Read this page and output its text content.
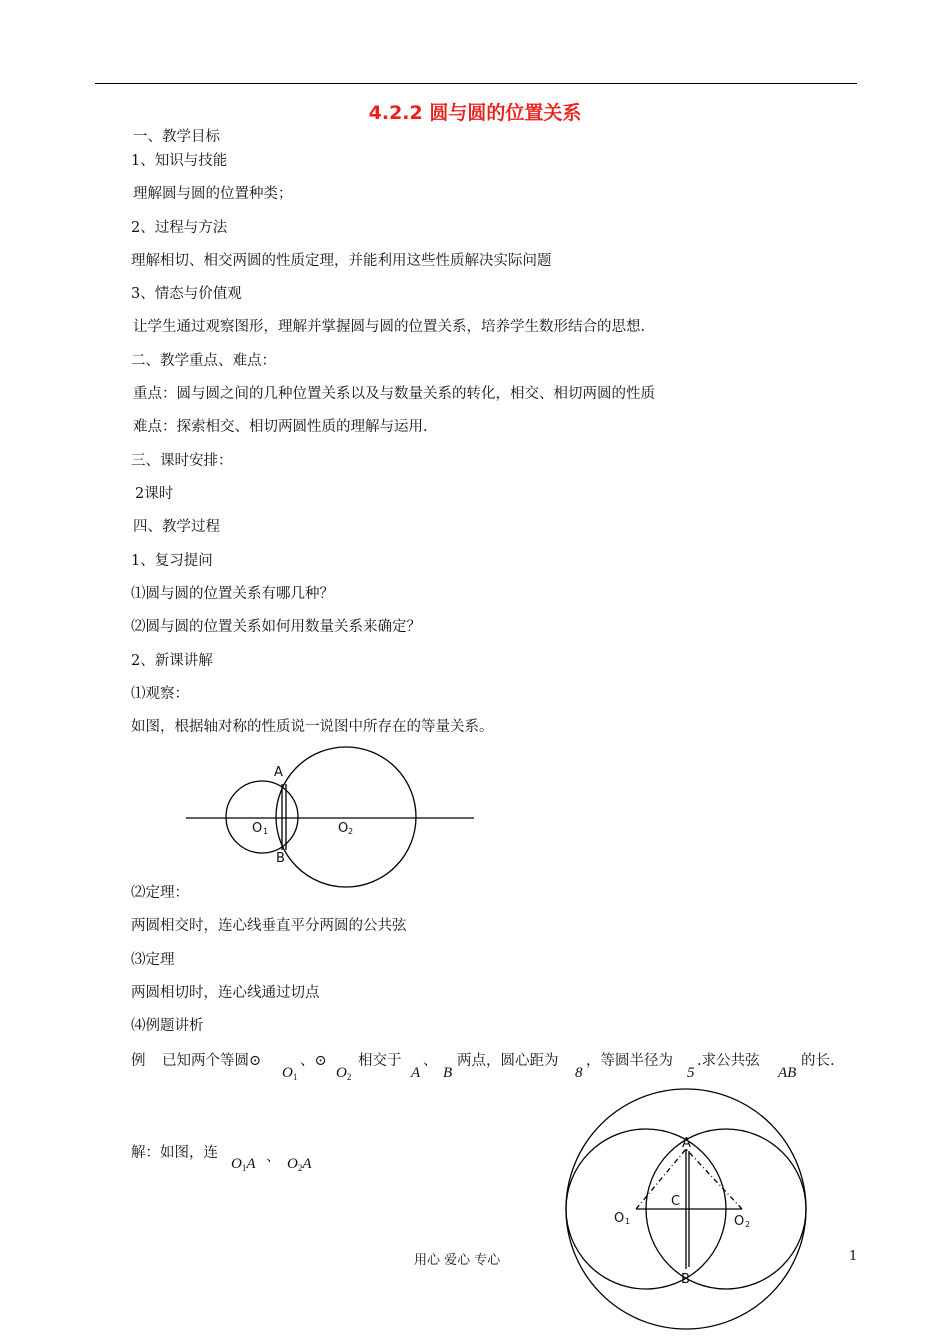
4.2.2 圆与圆的位置关系
一、教学目标
1、知识与技能
理解圆与圆的位置种类；
2、过程与方法
理解相切、相交两圆的性质定理，并能利用这些性质解决实际问题
3、情态与价值观
让学生通过观察图形，理解并掌握圆与圆的位置关系，培养学生数形结合的思想.
二、教学重点、难点：
重点：圆与圆之间的几种位置关系以及与数量关系的转化，相交、相切两圆的性质
难点：探索相交、相切两圆性质的理解与运用.
三、课时安排：
2课时
四、教学过程
1、复习提问
⑴圆与圆的位置关系有哪几种？
⑵圆与圆的位置关系如何用数量关系来确定？
2、新课讲解
⑴观察：
如图，根据轴对称的性质说一说图中所存在的等量关系。
⑵定理：
两圆相交时，连心线垂直平分两圆的公共弦
⑶定理
两圆相切时，连心线通过切点
⑷例题讲析
A
B
O 1	O 2
例 已知两个等圆⊙
$O_1$
、⊙
$O_2$
相交于
A
、
B
两点，圆心距为
8
，等圆半径为
5
.求公共弦
AB
的长.
解：如图，连
$O_1A$ 、 $O_2A$
A
B
C
O 1	O 2
用心 爱心 专心	1
